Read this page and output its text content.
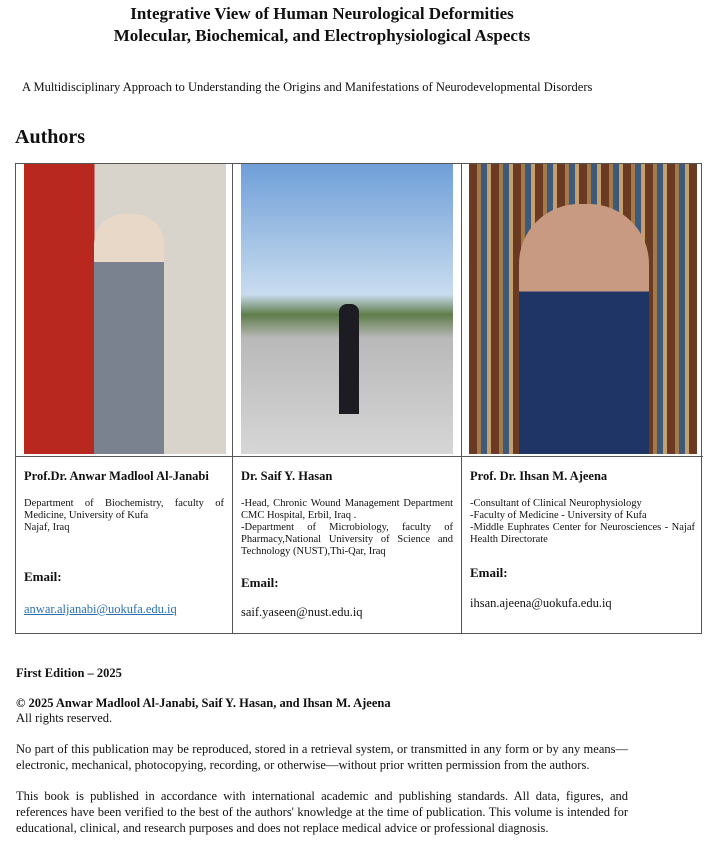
Integrative View of Human Neurological Deformities
Molecular, Biochemical, and Electrophysiological Aspects
A Multidisciplinary Approach to Understanding the Origins and Manifestations of Neurodevelopmental Disorders
Authors
Prof.Dr. Anwar Madlool Al-Janabi
Department of Biochemistry, faculty of Medicine, University of Kufa
Najaf, Iraq
Email:
anwar.aljanabi@uokufa.edu.iq
Dr. Saif Y. Hasan
-Head, Chronic Wound Management Department CMC Hospital, Erbil, Iraq .
-Department of Microbiology, faculty of Pharmacy,National University of Science and Technology (NUST),Thi-Qar, Iraq
Email:
saif.yaseen@nust.edu.iq
Prof. Dr. Ihsan M. Ajeena
-Consultant of Clinical Neurophysiology
-Faculty of Medicine - University of Kufa
-Middle Euphrates Center for Neurosciences - Najaf Health Directorate
Email:
ihsan.ajeena@uokufa.edu.iq
First Edition – 2025
© 2025 Anwar Madlool Al-Janabi, Saif Y. Hasan, and Ihsan M. Ajeena
All rights reserved.
No part of this publication may be reproduced, stored in a retrieval system, or transmitted in any form or by any means—electronic, mechanical, photocopying, recording, or otherwise—without prior written permission from the authors.
This book is published in accordance with international academic and publishing standards. All data, figures, and references have been verified to the best of the authors' knowledge at the time of publication. This volume is intended for educational, clinical, and research purposes and does not replace medical advice or professional diagnosis.
